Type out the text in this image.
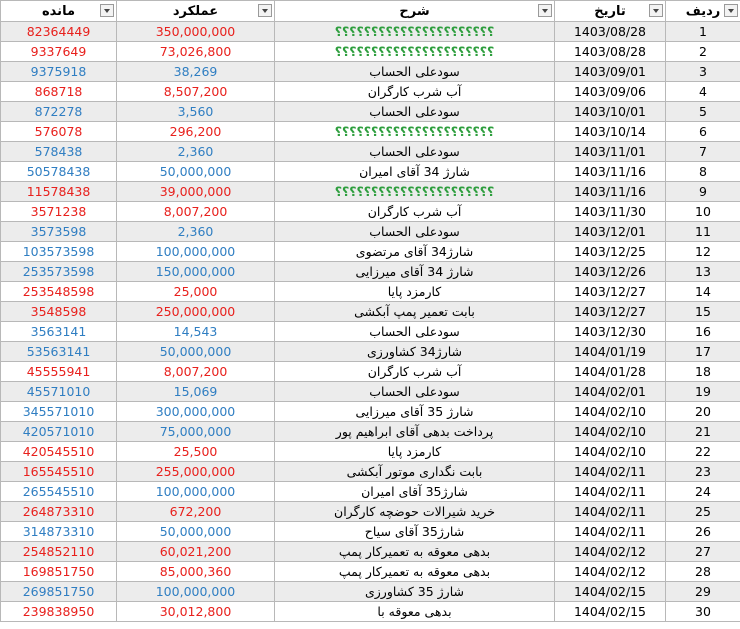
مانده	عملکرد	شرح	تاریخ	ردیف

82364449	350,000,000	؟؟؟؟؟؟؟؟؟؟؟؟؟؟؟؟؟؟؟؟؟؟	1403/08/28	1
9337649	73,026,800	؟؟؟؟؟؟؟؟؟؟؟؟؟؟؟؟؟؟؟؟؟؟	1403/08/28	2
9375918	38,269	سودعلی الحساب	1403/09/01	3
868718	8,507,200	آب شرب کارگران	1403/09/06	4
872278	3,560	سودعلی الحساب	1403/10/01	5
576078	296,200	؟؟؟؟؟؟؟؟؟؟؟؟؟؟؟؟؟؟؟؟؟؟	1403/10/14	6
578438	2,360	سودعلی الحساب	1403/11/01	7
50578438	50,000,000	شارژ 34 آقای امیران	1403/11/16	8
11578438	39,000,000	؟؟؟؟؟؟؟؟؟؟؟؟؟؟؟؟؟؟؟؟؟؟	1403/11/16	9
3571238	8,007,200	آب شرب کارگران	1403/11/30	10
3573598	2,360	سودعلی الحساب	1403/12/01	11
103573598	100,000,000	شارژ34 آقای مرتضوی	1403/12/25	12
253573598	150,000,000	شارژ 34 آقای میرزایی	1403/12/26	13
253548598	25,000	کارمزد پایا	1403/12/27	14
3548598	250,000,000	بابت تعمیر پمپ آبکشی	1403/12/27	15
3563141	14,543	سودعلی الحساب	1403/12/30	16
53563141	50,000,000	شارژ34 کشاورزی	1404/01/19	17
45555941	8,007,200	آب شرب کارگران	1404/01/28	18
45571010	15,069	سودعلی الحساب	1404/02/01	19
345571010	300,000,000	شارژ 35 آقای میرزایی	1404/02/10	20
420571010	75,000,000	پرداخت بدهی آقای ابراهیم پور	1404/02/10	21
420545510	25,500	کارمزد پایا	1404/02/10	22
165545510	255,000,000	بابت نگداری موتور آبکشی	1404/02/11	23
265545510	100,000,000	شارژ35 آقای امیران	1404/02/11	24
264873310	672,200	خرید شیرالات حوضچه کارگران	1404/02/11	25
314873310	50,000,000	شارژ35 آقای سیاح	1404/02/11	26
254852110	60,021,200	بدهی معوقه به تعمیرکار پمپ	1404/02/12	27
169851750	85,000,360	بدهی معوقه به تعمیرکار پمپ	1404/02/12	28
269851750	100,000,000	شارژ 35 کشاورزی	1404/02/15	29
239838950	30,012,800	بدهی معوقه با	1404/02/15	30
